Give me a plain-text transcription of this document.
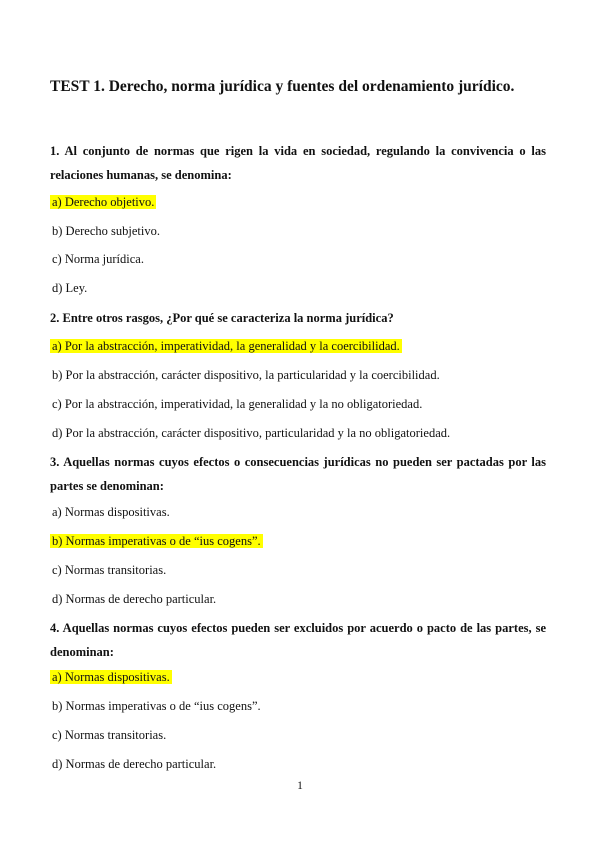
TEST 1. Derecho, norma jurídica y fuentes del ordenamiento jurídico.
1. Al conjunto de normas que rigen la vida en sociedad, regulando la convivencia o las relaciones humanas, se denomina:
a) Derecho objetivo.
b) Derecho subjetivo.
c) Norma jurídica.
d) Ley.
2. Entre otros rasgos, ¿Por qué se caracteriza la norma jurídica?
a) Por la abstracción, imperatividad, la generalidad y la coercibilidad.
b) Por la abstracción, carácter dispositivo, la particularidad y la coercibilidad.
c) Por la abstracción, imperatividad, la generalidad y la no obligatoriedad.
d) Por la abstracción, carácter dispositivo, particularidad y la no obligatoriedad.
3. Aquellas normas cuyos efectos o consecuencias jurídicas no pueden ser pactadas por las partes se denominan:
a) Normas dispositivas.
b) Normas imperativas o de “ius cogens”.
c) Normas transitorias.
d) Normas de derecho particular.
4. Aquellas normas cuyos efectos pueden ser excluidos por acuerdo o pacto de las partes, se denominan:
a) Normas dispositivas.
b) Normas imperativas o de “ius cogens”.
c) Normas transitorias.
d) Normas de derecho particular.
1
